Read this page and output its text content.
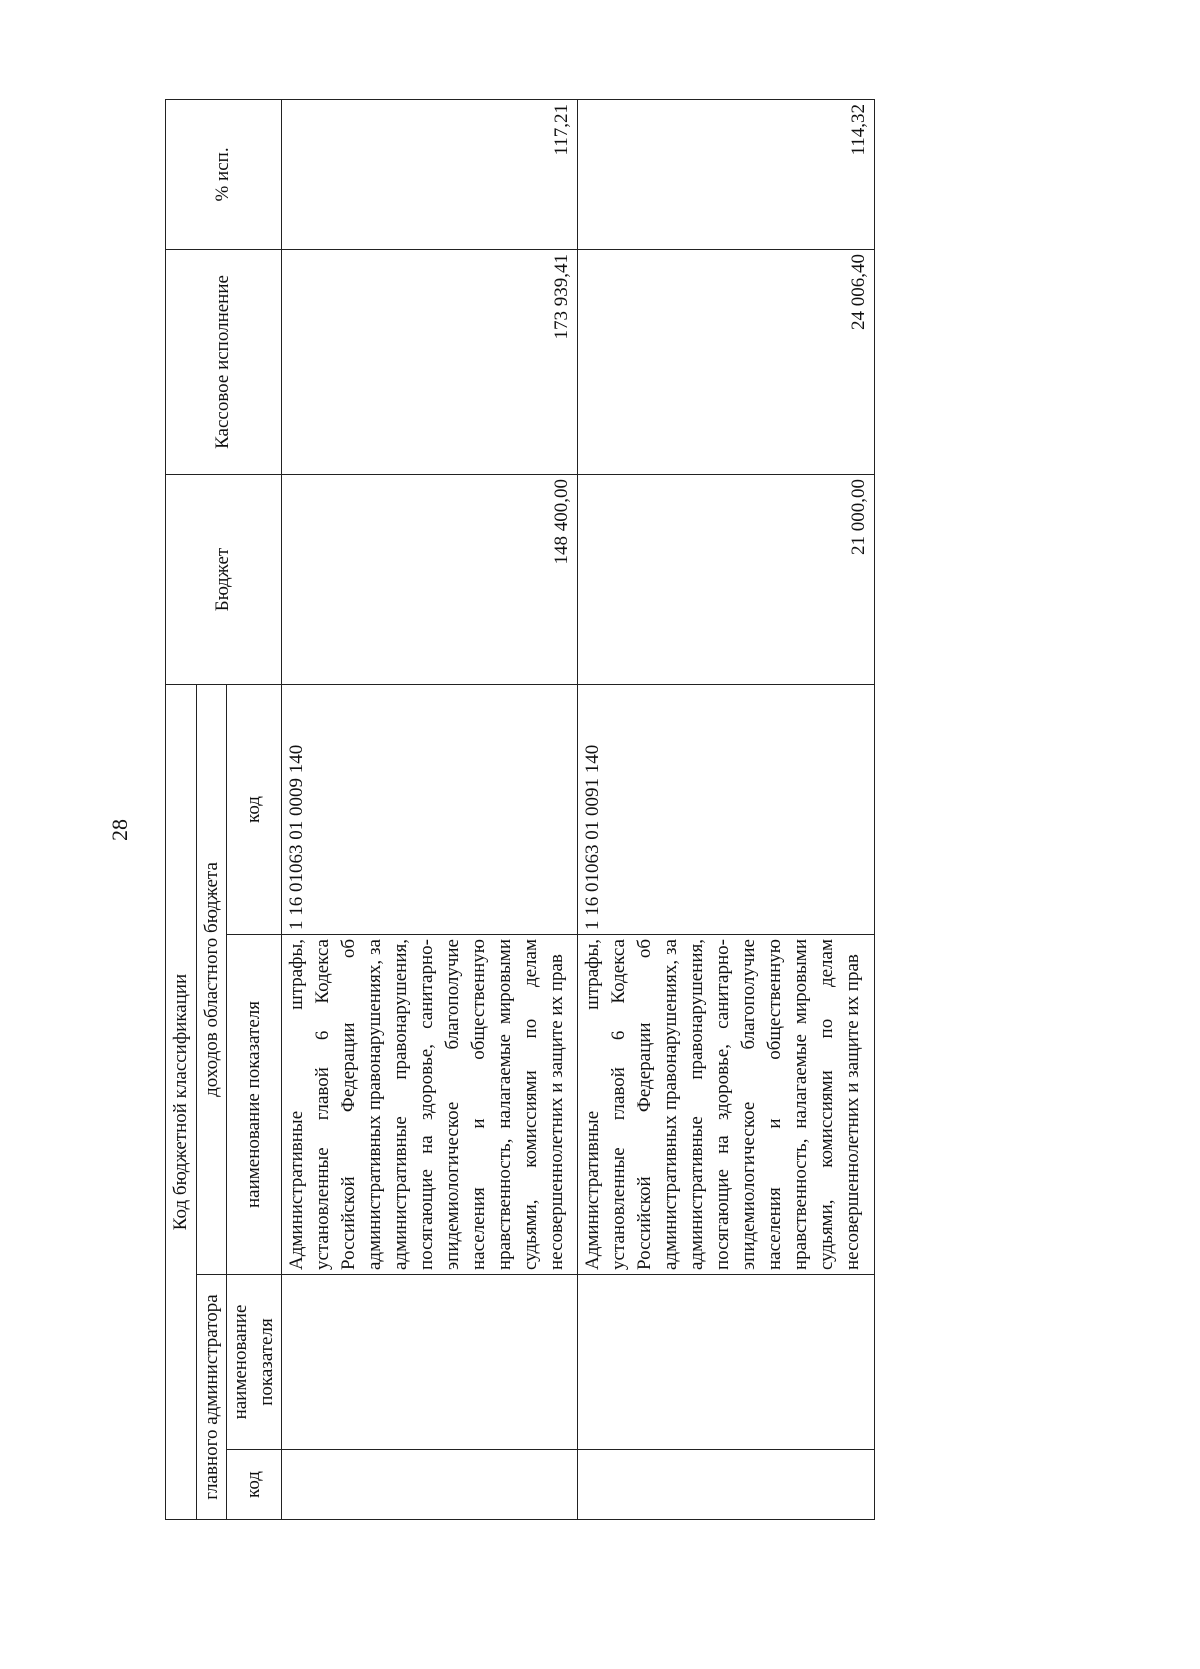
28
Код бюджетной классификации				Бюджет	Кассовое исполнение	% исп.
главного администратора		доходов областного бюджета				
код	наименование показателя	наименование показателя	код			
		Административные штрафы, установленные главой 6 Кодекса Российской Федерации об административных правонарушениях, за административные правонарушения, посягающие на здоровье, санитарно-эпидемиологическое благополучие населения и общественную нравственность, налагаемые мировыми судьями, комиссиями по делам несовершеннолетних и защите их прав	1 16 01063 01 0009 140	148 400,00	173 939,41	117,21
		Административные штрафы, установленные главой 6 Кодекса Российской Федерации об административных правонарушениях, за административные правонарушения, посягающие на здоровье, санитарно-эпидемиологическое благополучие населения и общественную нравственность, налагаемые мировыми судьями, комиссиями по делам несовершеннолетних и защите их прав	1 16 01063 01 0091 140	21 000,00	24 006,40	114,32
